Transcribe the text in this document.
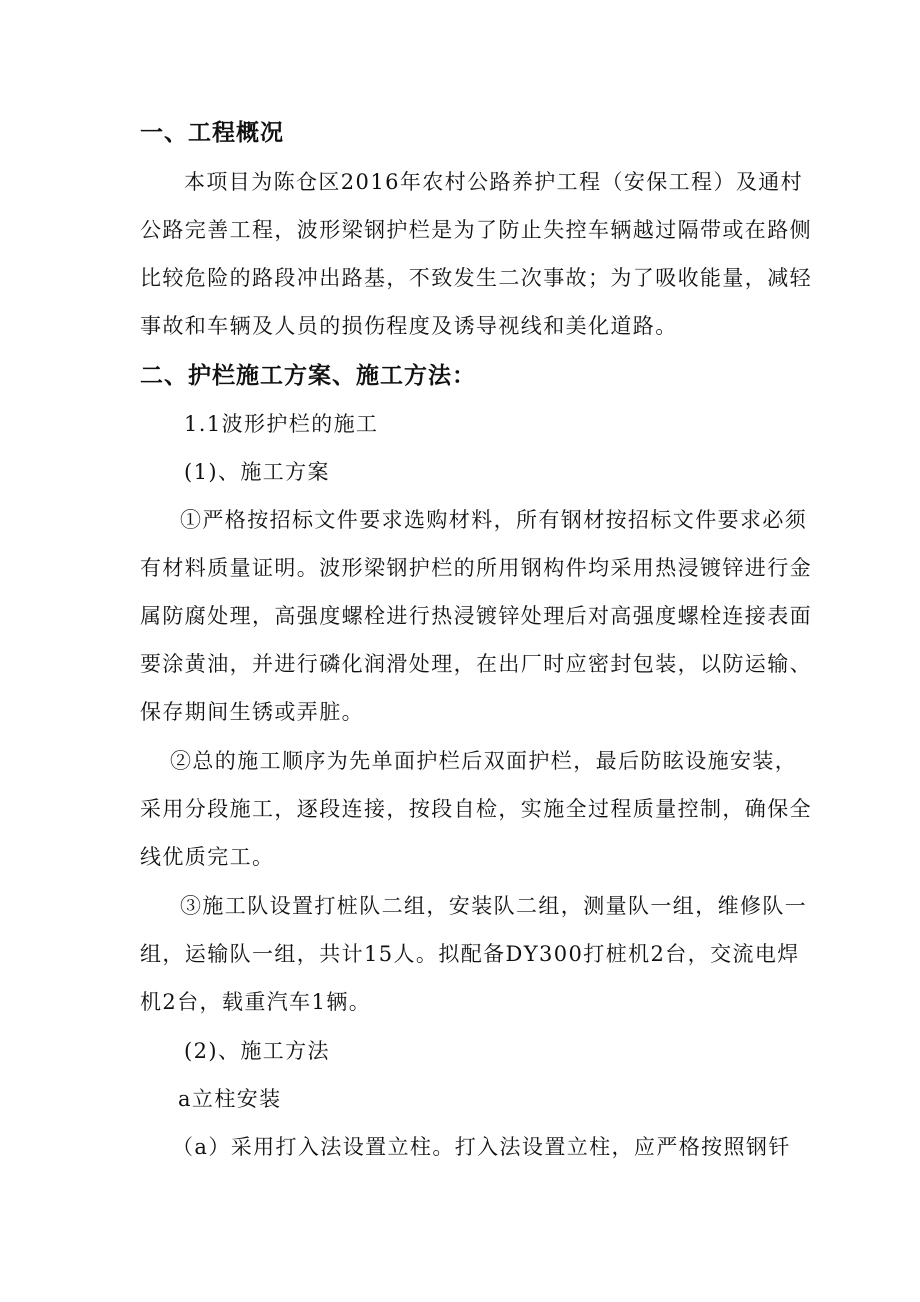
一、工程概况
本项目为陈仓区2016年农村公路养护工程（安保工程）及通村
公路完善工程，波形梁钢护栏是为了防止失控车辆越过隔带或在路侧
比较危险的路段冲出路基，不致发生二次事故；为了吸收能量，减轻
事故和车辆及人员的损伤程度及诱导视线和美化道路。
二、护栏施工方案、施工方法：
1.1波形护栏的施工
(1)、施工方案
①严格按招标文件要求选购材料，所有钢材按招标文件要求必须
有材料质量证明。波形梁钢护栏的所用钢构件均采用热浸镀锌进行金
属防腐处理，高强度螺栓进行热浸镀锌处理后对高强度螺栓连接表面
要涂黄油，并进行磷化润滑处理，在出厂时应密封包装，以防运输、
保存期间生锈或弄脏。
②总的施工顺序为先单面护栏后双面护栏，最后防眩设施安装，
采用分段施工，逐段连接，按段自检，实施全过程质量控制，确保全
线优质完工。
③施工队设置打桩队二组，安装队二组，测量队一组，维修队一
组，运输队一组，共计15人。拟配备DY300打桩机2台，交流电焊
机2台，载重汽车1辆。
(2)、施工方法
a立柱安装
（a）采用打入法设置立柱。打入法设置立柱，应严格按照钢钎
